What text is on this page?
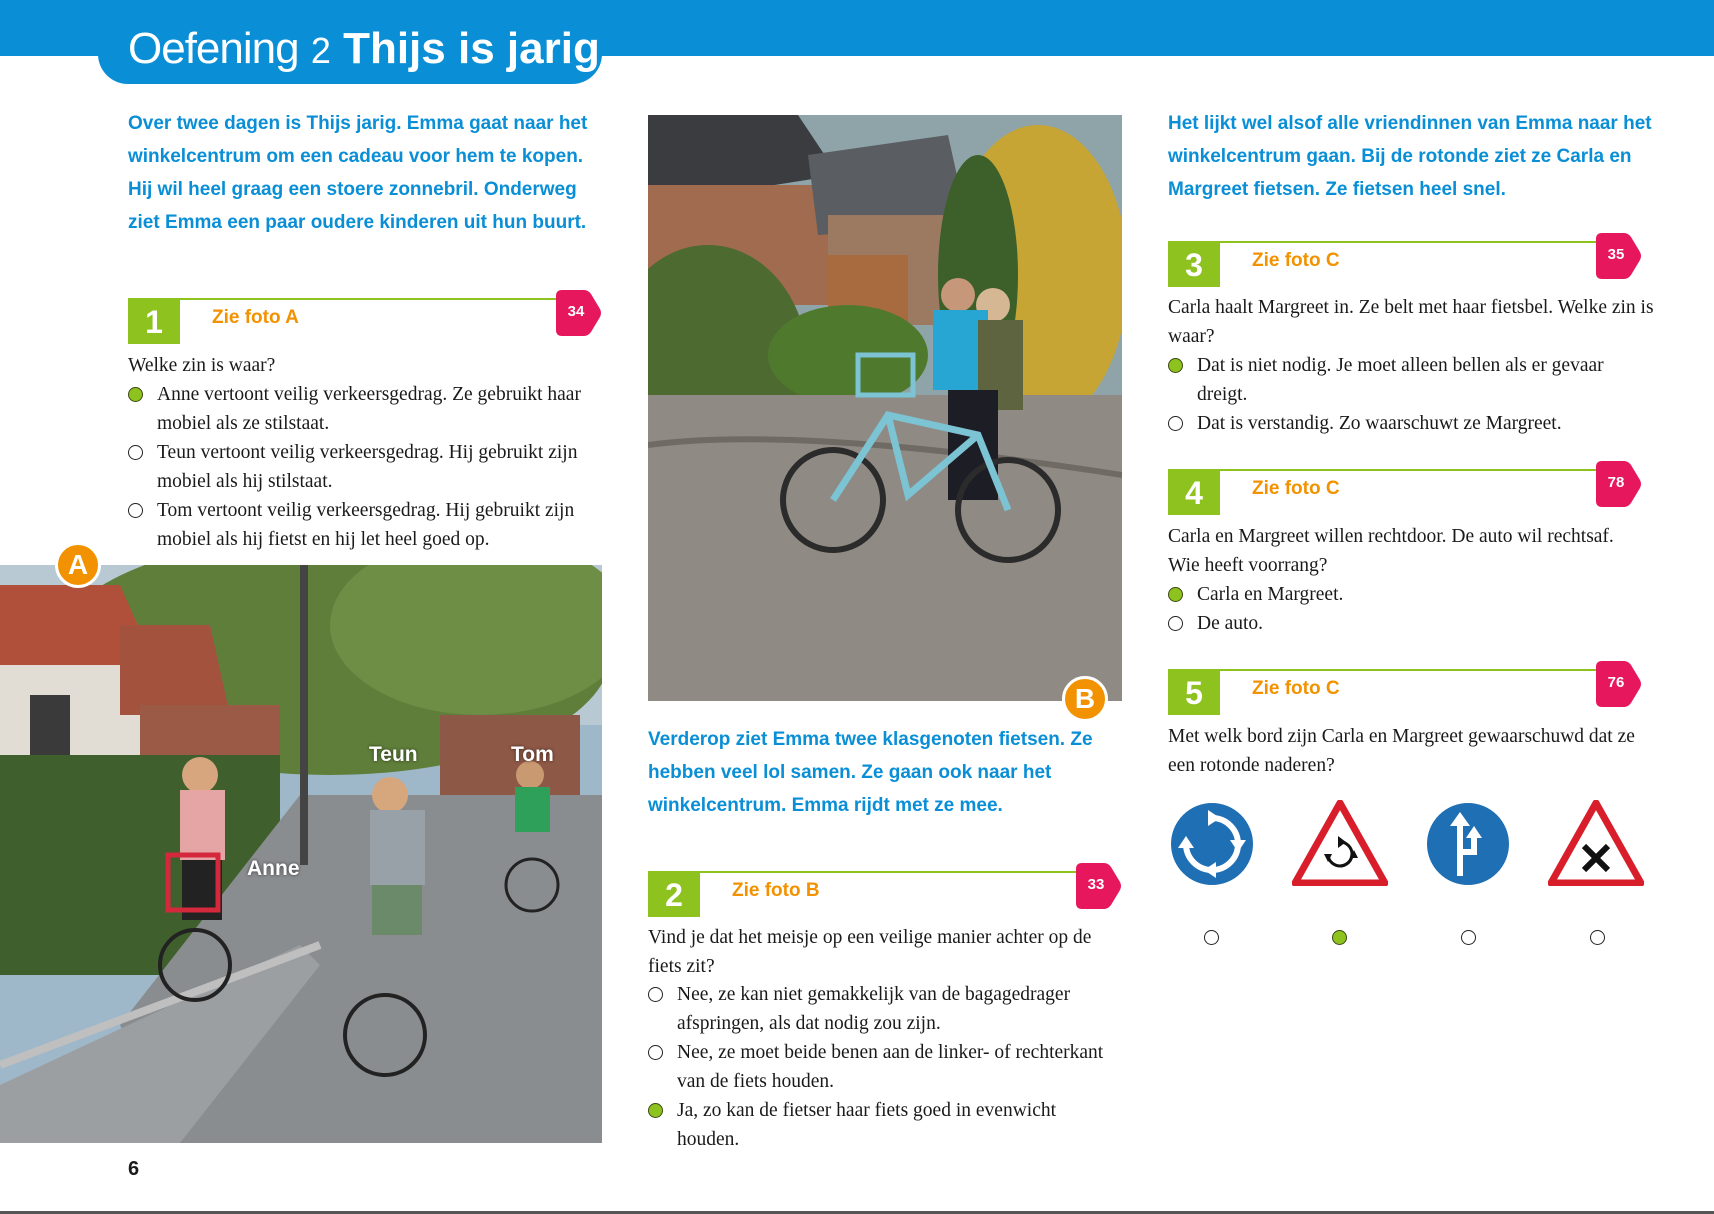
Oefening 2 Thijs is jarig

Over twee dagen is Thijs jarig. Emma gaat naar het winkelcentrum om een cadeau voor hem te kopen. Hij wil heel graag een stoere zonnebril. Onderweg ziet Emma een paar oudere kinderen uit hun buurt.

1	Zie foto A	34

Welke zin is waar?

Anne vertoont veilig verkeersgedrag. Ze gebruikt haar mobiel als ze stilstaat.
Teun vertoont veilig verkeersgedrag. Hij gebruikt zijn mobiel als hij stilstaat.
Tom vertoont veilig verkeersgedrag. Hij gebruikt zijn mobiel als hij fietst en hij let heel goed op.
Teun	Tom
Anne
A
6
B

Verderop ziet Emma twee klasgenoten fietsen. Ze hebben veel lol samen. Ze gaan ook naar het winkelcentrum. Emma rijdt met ze mee.

2	Zie foto B	33

Vind je dat het meisje op een veilige manier achter op de fiets zit?

Nee, ze kan niet gemakkelijk van de bagagedrager afspringen, als dat nodig zou zijn.
Nee, ze moet beide benen aan de linker- of rechterkant van de fiets houden.
Ja, zo kan de fietser haar fiets goed in evenwicht houden.

Het lijkt wel alsof alle vriendinnen van Emma naar het winkelcentrum gaan. Bij de rotonde ziet ze Carla en Margreet fietsen. Ze fietsen heel snel.

3	Zie foto C	35

Carla haalt Margreet in. Ze belt met haar fietsbel. Welke zin is waar?

Dat is niet nodig. Je moet alleen bellen als er gevaar dreigt.
Dat is verstandig. Zo waarschuwt ze Margreet.
4	Zie foto C	78

Carla en Margreet willen rechtdoor. De auto wil rechtsaf. Wie heeft voorrang?

Carla en Margreet.
De auto.
5	Zie foto C	76

Met welk bord zijn Carla en Margreet gewaarschuwd dat ze een rotonde naderen?
